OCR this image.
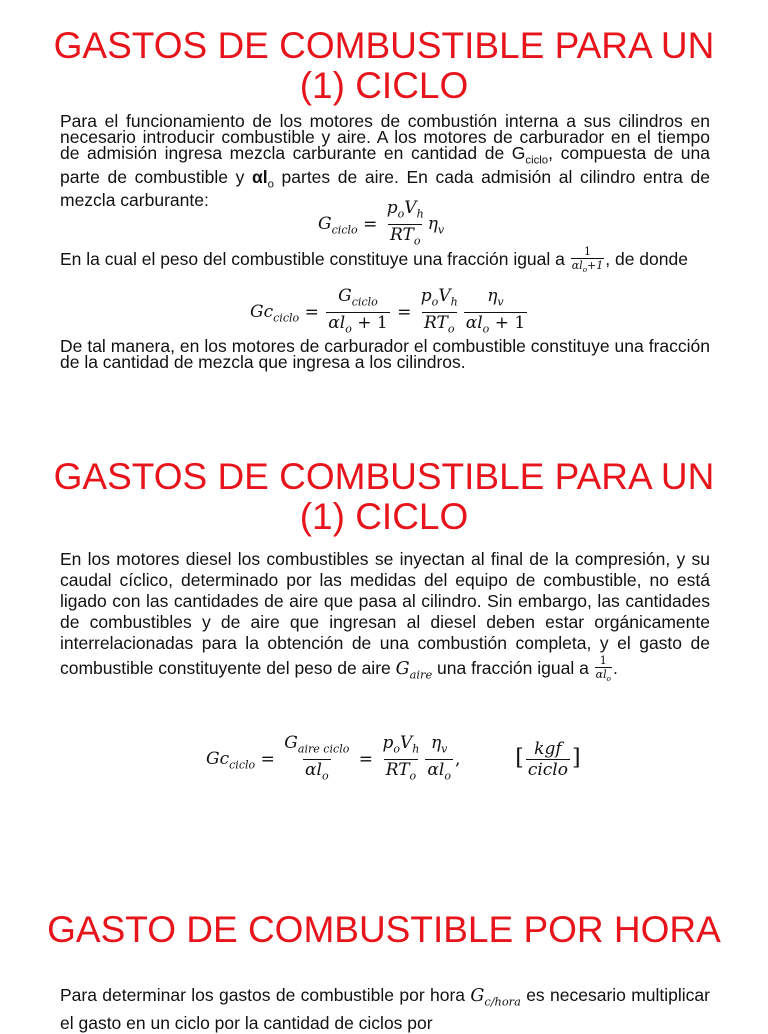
GASTOS DE COMBUSTIBLE PARA UN
(1) CICLO

Para el funcionamiento de los motores de combustión interna a sus cilindros en necesario introducir combustible y aire. A los motores de carburador en el tiempo de admisión ingresa mezcla carburante en cantidad de $G_{ciclo}$, compuesta de una parte de combustible y $\alpha l_o$ partes de aire. En cada admisión al cilindro entra de mezcla carburante:

$G_{ciclo} = \frac{p_oV_h}{RT_o} \eta_v$

En la cual el peso del combustible constituye una fracción igual a 1
$\alpha l_o+1$ , de donde

$Gc_{ciclo} = \frac{G_{ciclo}}{\alpha l_o + 1} = \frac{p_oV_h}{RT_o} \frac{\eta_v}{\alpha l_o + 1}$

De tal manera, en los motores de carburador el combustible constituye una fracción de la cantidad de mezcla que ingresa a los cilindros.

GASTOS DE COMBUSTIBLE PARA UN
(1) CICLO

En los motores diesel los combustibles se inyectan al final de la compresión, y su caudal cíclico, determinado por las medidas del equipo de combustible, no está ligado con las cantidades de aire que pasa al cilindro. Sin embargo, las cantidades de combustibles y de aire que ingresan al diesel deben estar orgánicamente interrelacionadas para la obtención de una combustión completa, y el gasto de combustible constituyente del peso de aire $G_{aire}$ una fracción igual a 1
$\alpha l_o$
.

$Gc_{ciclo} = \frac{G_{aire ciclo}}{\alpha l_o} = \frac{p_oV_h}{RT_o} \frac{\eta_v}{\alpha l_o}$ ,  [ $\frac{\text{kgf}}{\text{ciclo}}$ ]
GASTO DE COMBUSTIBLE POR HORA

Para determinar los gastos de combustible por hora $G_{c/hora}$ es necesario multiplicar el gasto en un ciclo por la cantidad de ciclos por
